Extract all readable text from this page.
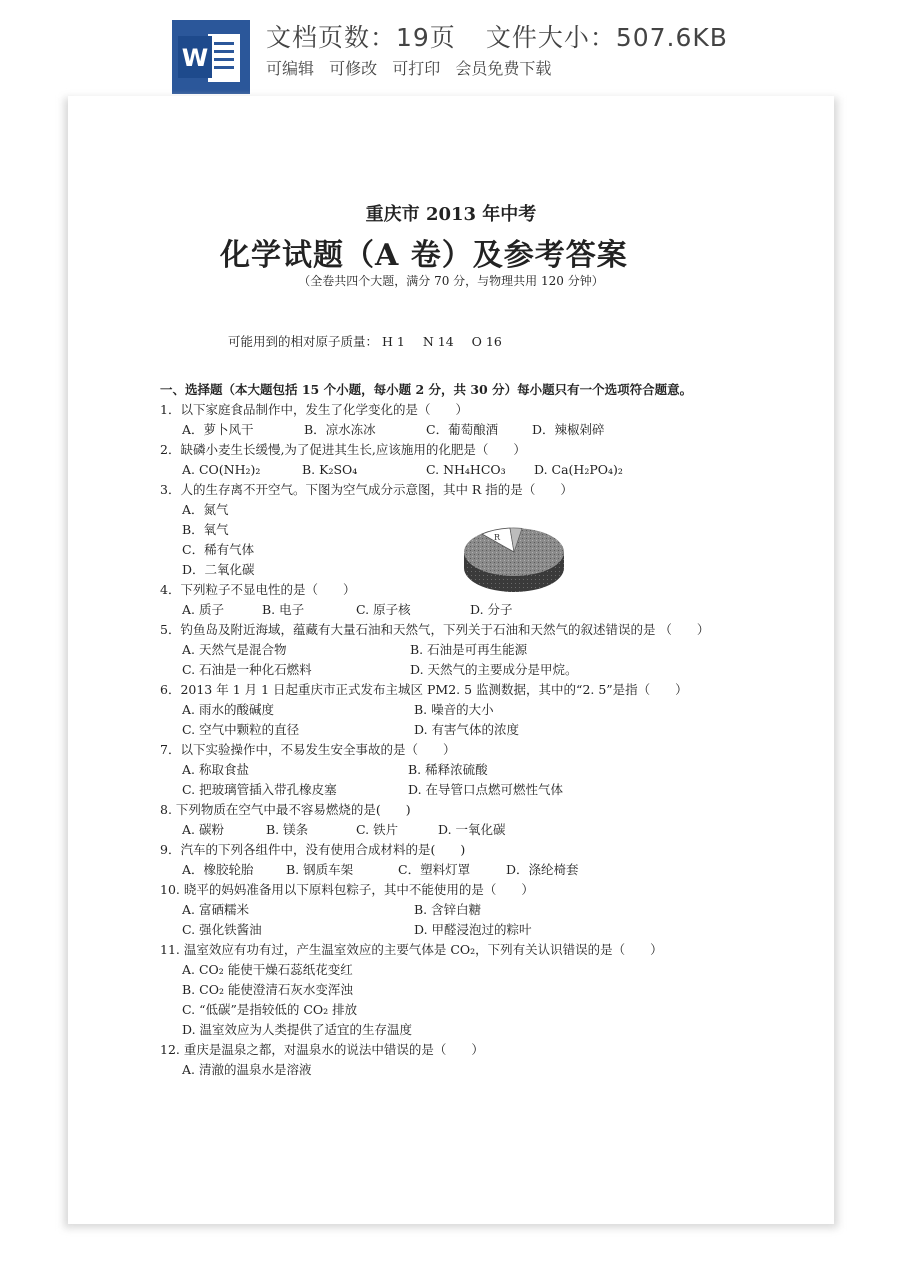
W
文档页数：19页 文件大小：507.6KB
可编辑 可修改 可打印 会员免费下载
重庆市 2013 年中考
化学试题（A 卷）及参考答案
（全卷共四个大题，满分 70 分，与物理共用 120 分钟）
可能用到的相对原子质量： H 1 N 14 O 16
一、选择题（本大题包括 15 个小题，每小题 2 分，共 30 分）每小题只有一个选项符合题意。
1．以下家庭食品制作中，发生了化学变化的是（　　）
A．萝卜风干	B．凉水冻冰	C．葡萄酿酒	D．辣椒剁碎
2．缺磷小麦生长缓慢,为了促进其生长,应该施用的化肥是（　　）
A. CO(NH₂)₂	B. K₂SO₄	C. NH₄HCO₃ D. Ca(H₂PO₄)₂
3．人的生存离不开空气。下图为空气成分示意图，其中 R 指的是（　　）
A．氮气
B．氧气
C．稀有气体
D．二氧化碳
R
4．下列粒子不显电性的是（　　）
A. 质子	B. 电子	C. 原子核	D. 分子
5．钓鱼岛及附近海域，蕴藏有大量石油和天然气，下列关于石油和天然气的叙述错误的是 （　　）
A. 天然气是混合物	B. 石油是可再生能源
C. 石油是一种化石燃料	D. 天然气的主要成分是甲烷。
6．2013 年 1 月 1 日起重庆市正式发布主城区 PM2. 5 监测数据，其中的“2. 5”是指（　　）
A. 雨水的酸碱度	B. 噪音的大小
C. 空气中颗粒的直径	D. 有害气体的浓度
7．以下实验操作中，不易发生安全事故的是（　　）
A. 称取食盐	B. 稀释浓硫酸
C. 把玻璃管插入带孔橡皮塞	D. 在导管口点燃可燃性气体
8. 下列物质在空气中最不容易燃烧的是(　　)
A. 碳粉	B. 镁条	C. 铁片	D. 一氧化碳
9．汽车的下列各组件中，没有使用合成材料的是(　　)
A．橡胶轮胎	B. 钢质车架	C．塑料灯罩	D．涤纶椅套
10. 晓平的妈妈准备用以下原料包粽子，其中不能使用的是（　　）
A. 富硒糯米	B. 含锌白糖
C. 强化铁酱油	D. 甲醛浸泡过的粽叶
11. 温室效应有功有过，产生温室效应的主要气体是 CO₂，下列有关认识错误的是（　　）
A. CO₂ 能使干燥石蕊纸花变红
B. CO₂ 能使澄清石灰水变浑浊
C. “低碳”是指较低的 CO₂ 排放
D. 温室效应为人类提供了适宜的生存温度
12. 重庆是温泉之都，对温泉水的说法中错误的是（　　）
A. 清澈的温泉水是溶液
